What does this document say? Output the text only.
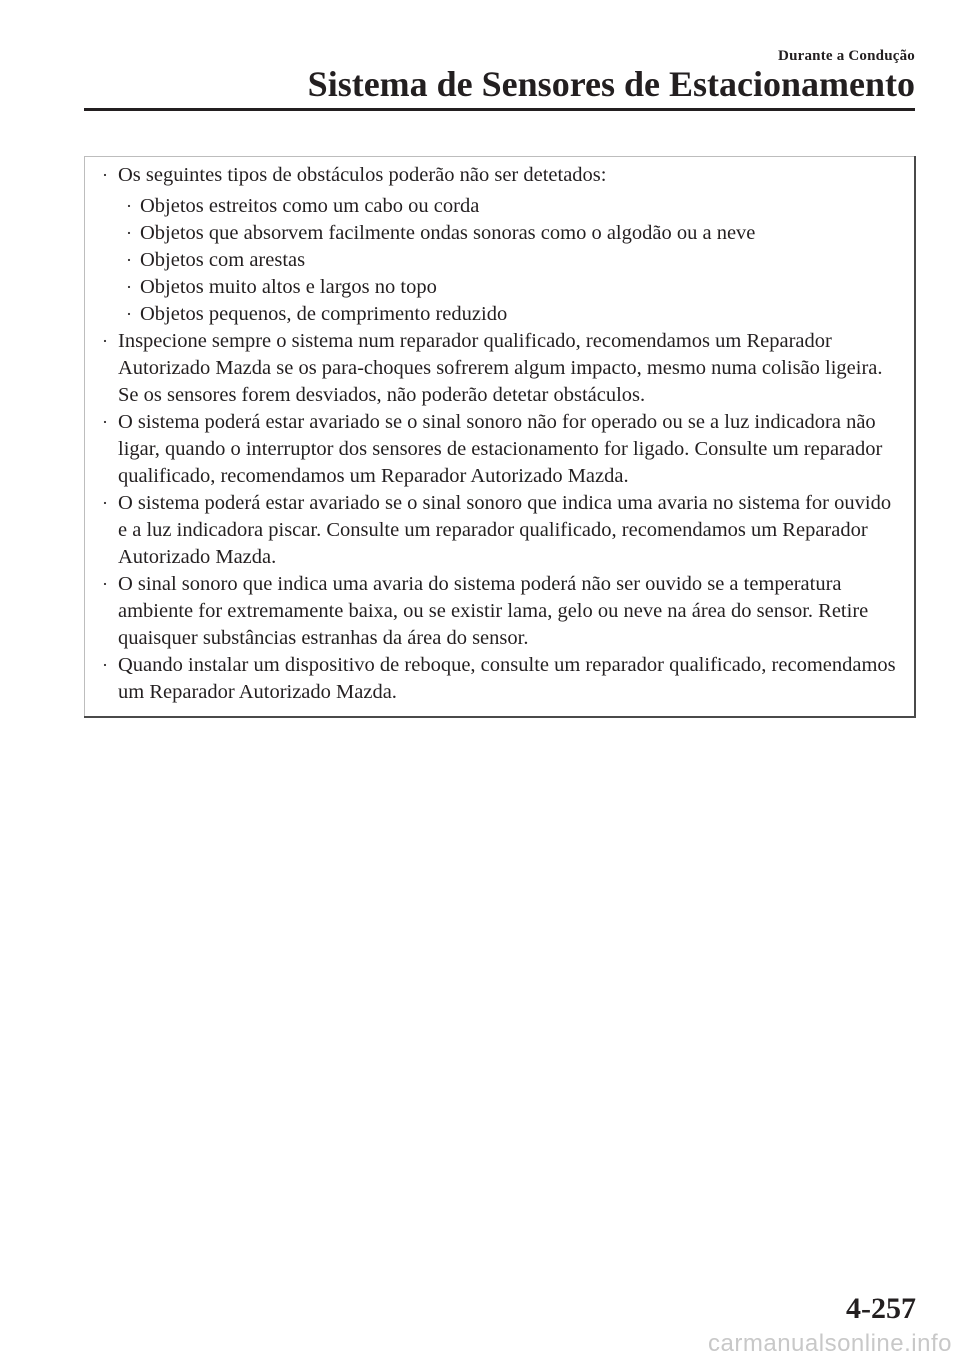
Durante a Condução
Sistema de Sensores de Estacionamento
· Os seguintes tipos de obstáculos poderão não ser detetados:
· Objetos estreitos como um cabo ou corda
· Objetos que absorvem facilmente ondas sonoras como o algodão ou a neve
· Objetos com arestas
· Objetos muito altos e largos no topo
· Objetos pequenos, de comprimento reduzido
· Inspecione sempre o sistema num reparador qualificado, recomendamos um Reparador Autorizado Mazda se os para-choques sofrerem algum impacto, mesmo numa colisão ligeira. Se os sensores forem desviados, não poderão detetar obstáculos.
· O sistema poderá estar avariado se o sinal sonoro não for operado ou se a luz indicadora não ligar, quando o interruptor dos sensores de estacionamento for ligado. Consulte um reparador qualificado, recomendamos um Reparador Autorizado Mazda.
· O sistema poderá estar avariado se o sinal sonoro que indica uma avaria no sistema for ouvido e a luz indicadora piscar. Consulte um reparador qualificado, recomendamos um Reparador Autorizado Mazda.
· O sinal sonoro que indica uma avaria do sistema poderá não ser ouvido se a temperatura ambiente for extremamente baixa, ou se existir lama, gelo ou neve na área do sensor. Retire quaisquer substâncias estranhas da área do sensor.
· Quando instalar um dispositivo de reboque, consulte um reparador qualificado, recomendamos um Reparador Autorizado Mazda.
4-257
carmanualsonline.info
